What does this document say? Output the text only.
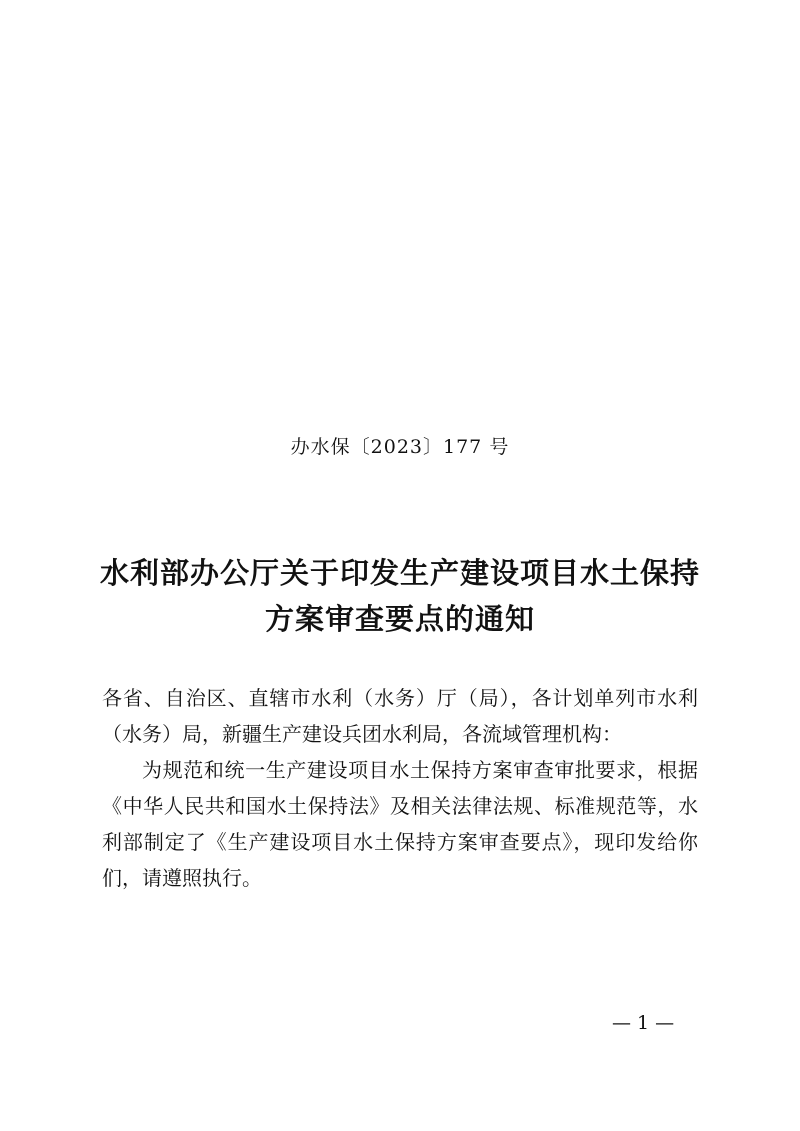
办水保〔2023〕177 号
水利部办公厅关于印发生产建设项目水土保持
方案审查要点的通知

各省、自治区、直辖市水利（水务）厅（局），各计划单列市水利（水务）局，新疆生产建设兵团水利局，各流域管理机构：

为规范和统一生产建设项目水土保持方案审查审批要求，根据《中华人民共和国水土保持法》及相关法律法规、标准规范等，水利部制定了《生产建设项目水土保持方案审查要点》，现印发给你们，请遵照执行。

— 1 —
